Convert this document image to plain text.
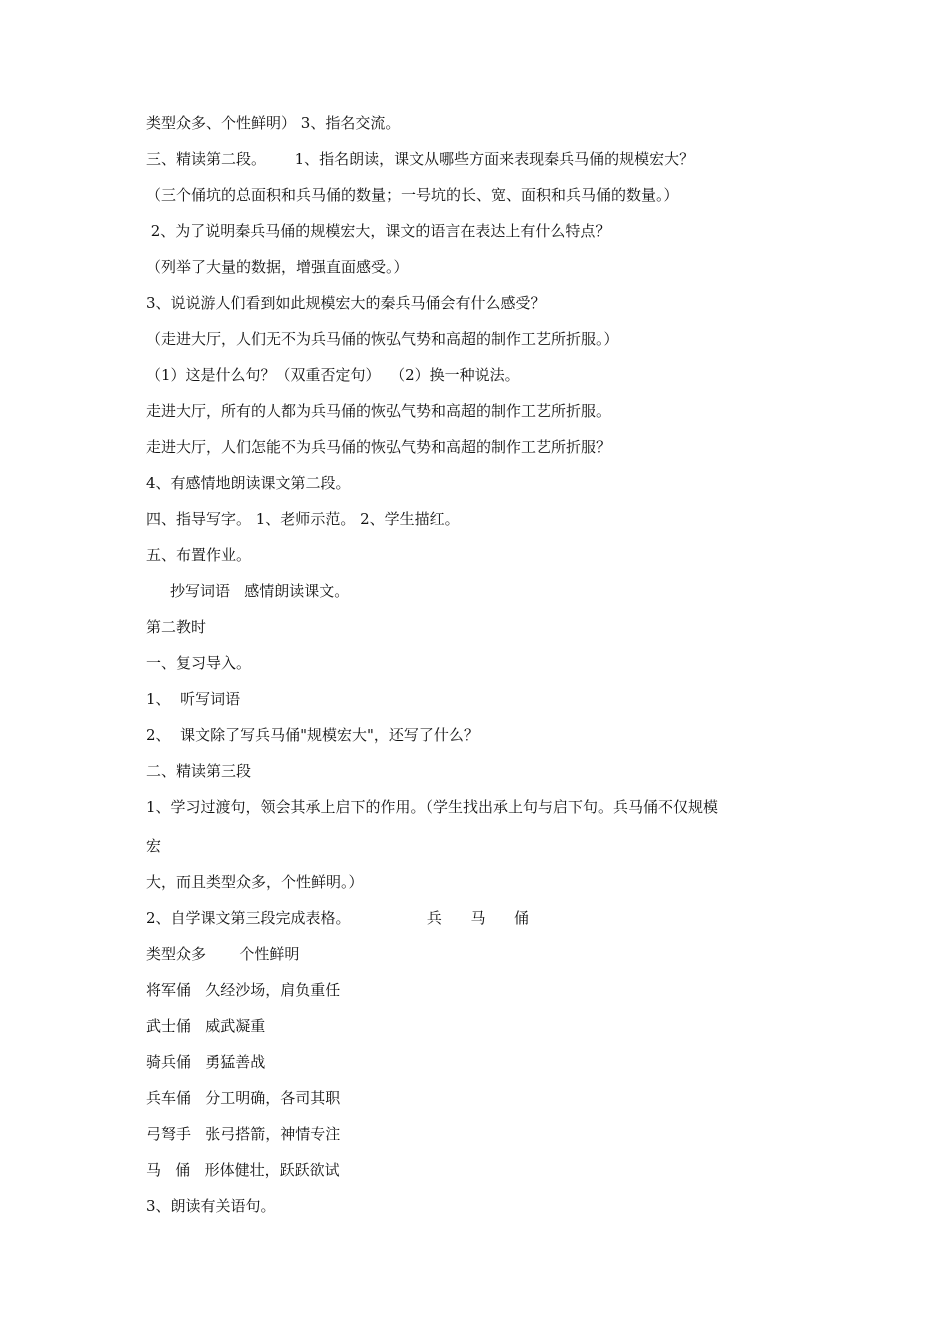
类型众多、个性鲜明） 3、指名交流。
三、精读第二段。      1、指名朗读，课文从哪些方面来表现秦兵马俑的规模宏大？
（三个俑坑的总面积和兵马俑的数量；一号坑的长、宽、面积和兵马俑的数量。）
2、为了说明秦兵马俑的规模宏大，课文的语言在表达上有什么特点？
（列举了大量的数据，增强直面感受。）
3、说说游人们看到如此规模宏大的秦兵马俑会有什么感受？
（走进大厅，人们无不为兵马俑的恢弘气势和高超的制作工艺所折服。）
（1）这是什么句？（双重否定句）  （2）换一种说法。
走进大厅，所有的人都为兵马俑的恢弘气势和高超的制作工艺所折服。
走进大厅，人们怎能不为兵马俑的恢弘气势和高超的制作工艺所折服？
4、有感情地朗读课文第二段。
四、指导写字。 1、老师示范。 2、学生描红。
五、布置作业。
抄写词语   感情朗读课文。
第二教时
一、复习导入。
1、  听写词语
2、  课文除了写兵马俑"规模宏大"，还写了什么？
二、精读第三段
1、学习过渡句，领会其承上启下的作用。（学生找出承上句与启下句。兵马俑不仅规模
宏
大，而且类型众多，个性鲜明。）
2、自学课文第三段完成表格。                兵      马      俑
类型众多       个性鲜明
将军俑   久经沙场，肩负重任
武士俑   威武凝重
骑兵俑   勇猛善战
兵车俑   分工明确，各司其职
弓弩手   张弓搭箭，神情专注
马   俑   形体健壮，跃跃欲试
3、朗读有关语句。
